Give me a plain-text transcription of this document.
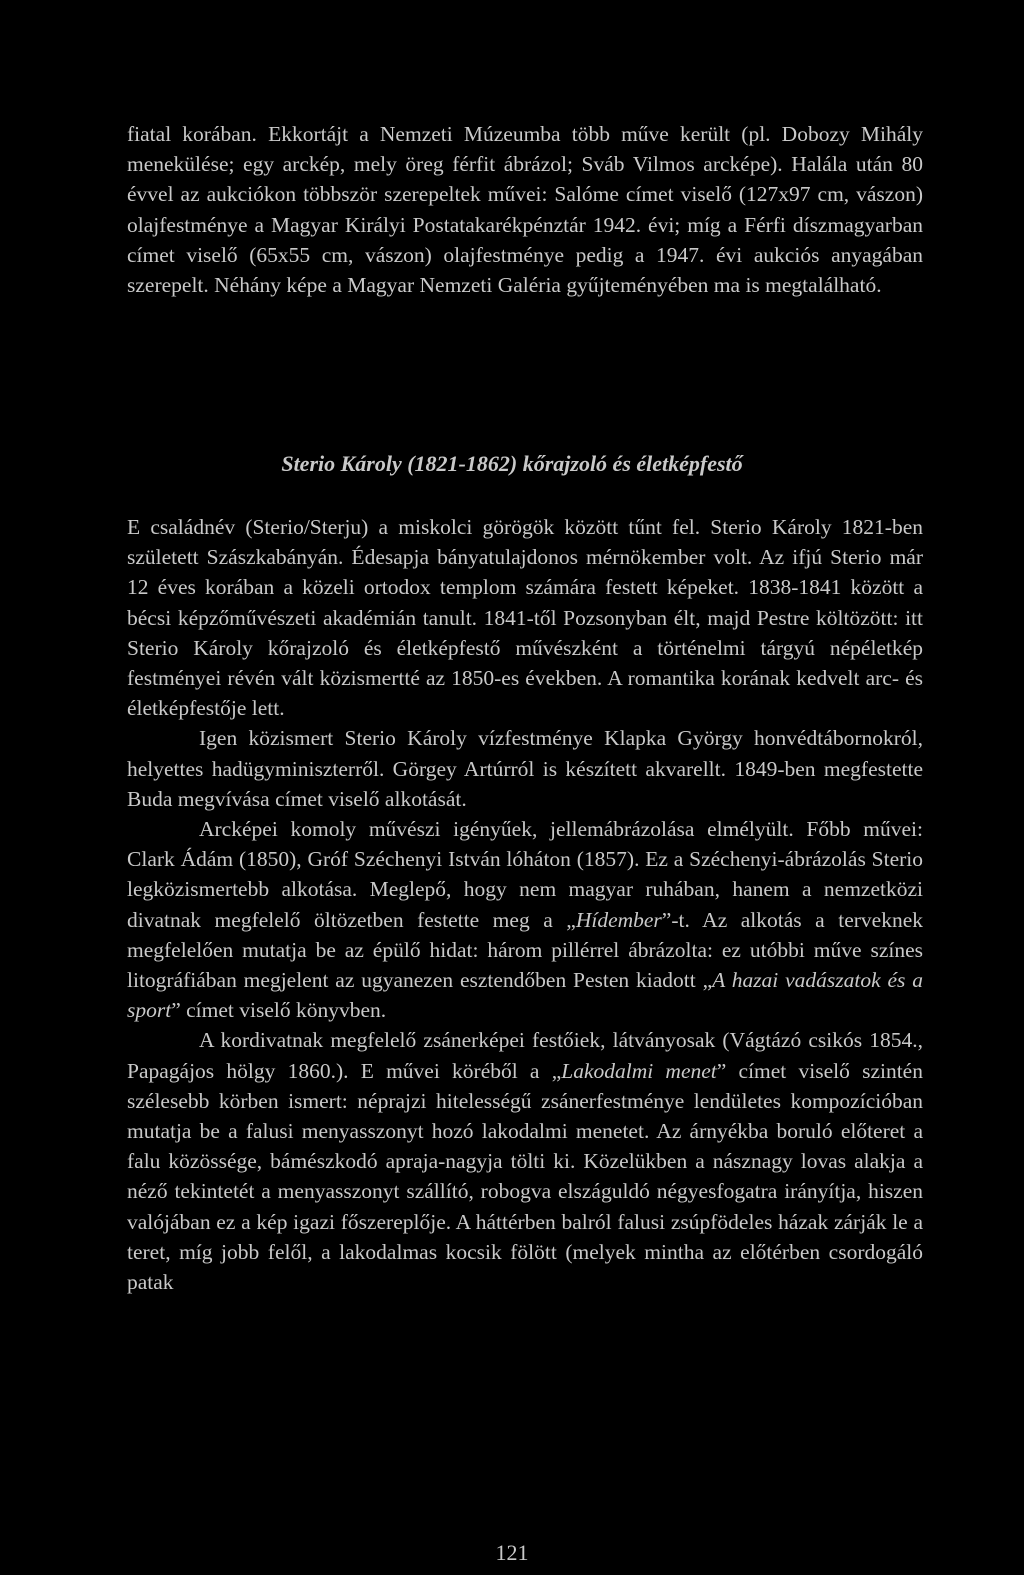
fiatal korában. Ekkortájt a Nemzeti Múzeumba több műve került (pl. Dobozy Mihály menekülése; egy arckép, mely öreg férfit ábrázol; Sváb Vilmos arcképe). Halála után 80 évvel az aukciókon többször szerepeltek művei: Salóme címet viselő (127x97 cm, vászon) olajfestménye a Magyar Királyi Postatakarékpénztár 1942. évi; míg a Férfi díszmagyarban címet viselő (65x55 cm, vászon) olajfestménye pedig a 1947. évi aukciós anyagában szerepelt. Néhány képe a Magyar Nemzeti Galéria gyűjteményében ma is megtalálható.

Sterio Károly (1821-1862) kőrajzoló és életképfestő

E családnév (Sterio/Sterju) a miskolci görögök között tűnt fel. Sterio Károly 1821-ben született Szászkabányán. Édesapja bányatulajdonos mérnökember volt. Az ifjú Sterio már 12 éves korában a közeli ortodox templom számára festett képeket. 1838-1841 között a bécsi képzőművészeti akadémián tanult. 1841-től Pozsonyban élt, majd Pestre költözött: itt Sterio Károly kőrajzoló és életképfestő művészként a történelmi tárgyú népéletkép festményei révén vált közismertté az 1850-es években. A romantika korának kedvelt arc- és életképfestője lett.

Igen közismert Sterio Károly vízfestménye Klapka György honvédtábornokról, helyettes hadügyminiszterről. Görgey Artúrról is készített akvarellt. 1849-ben megfestette Buda megvívása címet viselő alkotását.

Arcképei komoly művészi igényűek, jellemábrázolása elmélyült. Főbb művei: Clark Ádám (1850), Gróf Széchenyi István lóháton (1857). Ez a Széchenyi-ábrázolás Sterio legközismertebb alkotása. Meglepő, hogy nem magyar ruhában, hanem a nemzetközi divatnak megfelelő öltözetben festette meg a „Hídember”-t. Az alkotás a terveknek megfelelően mutatja be az épülő hidat: három pillérrel ábrázolta: ez utóbbi műve színes litográfiában megjelent az ugyanezen esztendőben Pesten kiadott „A hazai vadászatok és a sport” címet viselő könyvben.

A kordivatnak megfelelő zsánerképei festőiek, látványosak (Vágtázó csikós 1854., Papagájos hölgy 1860.). E művei köréből a „Lakodalmi menet” címet viselő szintén szélesebb körben ismert: néprajzi hitelességű zsánerfestménye lendületes kompozícióban mutatja be a falusi menyasszonyt hozó lakodalmi menetet. Az árnyékba boruló előteret a falu közössége, bámészkodó apraja-nagyja tölti ki. Közelükben a násznagy lovas alakja a néző tekintetét a menyasszonyt szállító, robogva elszáguldó négyesfogatra irányítja, hiszen valójában ez a kép igazi főszereplője. A háttérben balról falusi zsúpfödeles házak zárják le a teret, míg jobb felől, a lakodalmas kocsik fölött (melyek mintha az előtérben csordogáló patak

121
